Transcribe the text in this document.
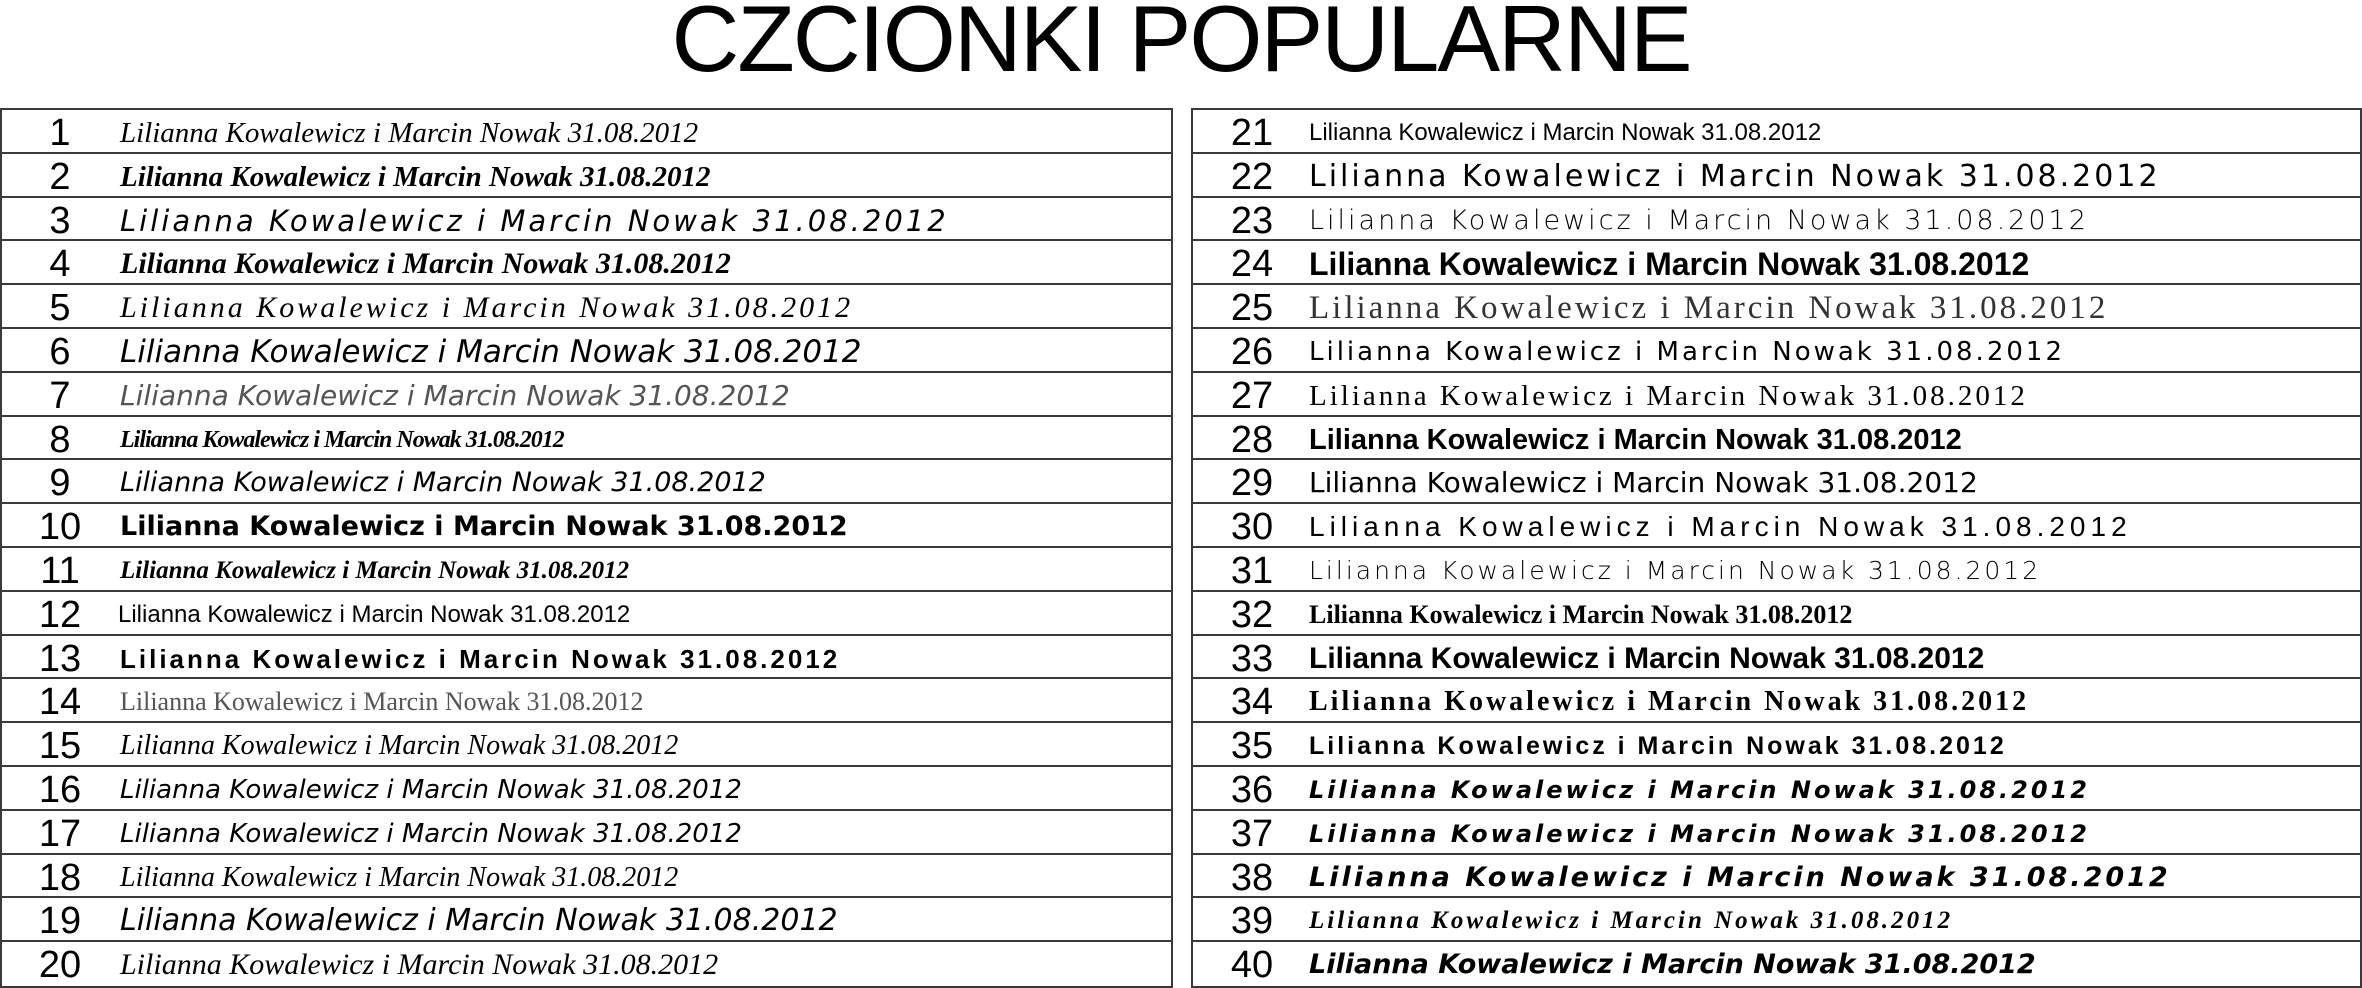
CZCIONKI POPULARNE
1	Lilianna Kowalewicz i Marcin Nowak 31.08.2012
2	Lilianna Kowalewicz i Marcin Nowak 31.08.2012
3	Lilianna Kowalewicz i Marcin Nowak 31.08.2012
4	Lilianna Kowalewicz i Marcin Nowak 31.08.2012
5	Lilianna Kowalewicz i Marcin Nowak 31.08.2012
6	Lilianna Kowalewicz i Marcin Nowak 31.08.2012
7	Lilianna Kowalewicz i Marcin Nowak 31.08.2012
8	Lilianna Kowalewicz i Marcin Nowak 31.08.2012
9	Lilianna Kowalewicz i Marcin Nowak 31.08.2012
10	Lilianna Kowalewicz i Marcin Nowak 31.08.2012
11	Lilianna Kowalewicz i Marcin Nowak 31.08.2012
12	Lilianna Kowalewicz i Marcin Nowak 31.08.2012
13	Lilianna Kowalewicz i Marcin Nowak 31.08.2012
14	Lilianna Kowalewicz i Marcin Nowak 31.08.2012
15	Lilianna Kowalewicz i Marcin Nowak 31.08.2012
16	Lilianna Kowalewicz i Marcin Nowak 31.08.2012
17	Lilianna Kowalewicz i Marcin Nowak 31.08.2012
18	Lilianna Kowalewicz i Marcin Nowak 31.08.2012
19	Lilianna Kowalewicz i Marcin Nowak 31.08.2012
20	Lilianna Kowalewicz i Marcin Nowak 31.08.2012
21	Lilianna Kowalewicz i Marcin Nowak 31.08.2012
22	Lilianna Kowalewicz i Marcin Nowak 31.08.2012
23	Lilianna Kowalewicz i Marcin Nowak 31.08.2012
24	Lilianna Kowalewicz i Marcin Nowak 31.08.2012
25	Lilianna Kowalewicz i Marcin Nowak 31.08.2012
26	Lilianna Kowalewicz i Marcin Nowak 31.08.2012
27	Lilianna Kowalewicz i Marcin Nowak 31.08.2012
28	Lilianna Kowalewicz i Marcin Nowak 31.08.2012
29	Lilianna Kowalewicz i Marcin Nowak 31.08.2012
30	Lilianna Kowalewicz i Marcin Nowak 31.08.2012
31	Lilianna Kowalewicz i Marcin Nowak 31.08.2012
32	Lilianna Kowalewicz i Marcin Nowak 31.08.2012
33	Lilianna Kowalewicz i Marcin Nowak 31.08.2012
34	Lilianna Kowalewicz i Marcin Nowak 31.08.2012
35	Lilianna Kowalewicz i Marcin Nowak 31.08.2012
36	Lilianna Kowalewicz i Marcin Nowak 31.08.2012
37	Lilianna Kowalewicz i Marcin Nowak 31.08.2012
38	Lilianna Kowalewicz i Marcin Nowak 31.08.2012
39	Lilianna Kowalewicz i Marcin Nowak 31.08.2012
40	Lilianna Kowalewicz i Marcin Nowak 31.08.2012
